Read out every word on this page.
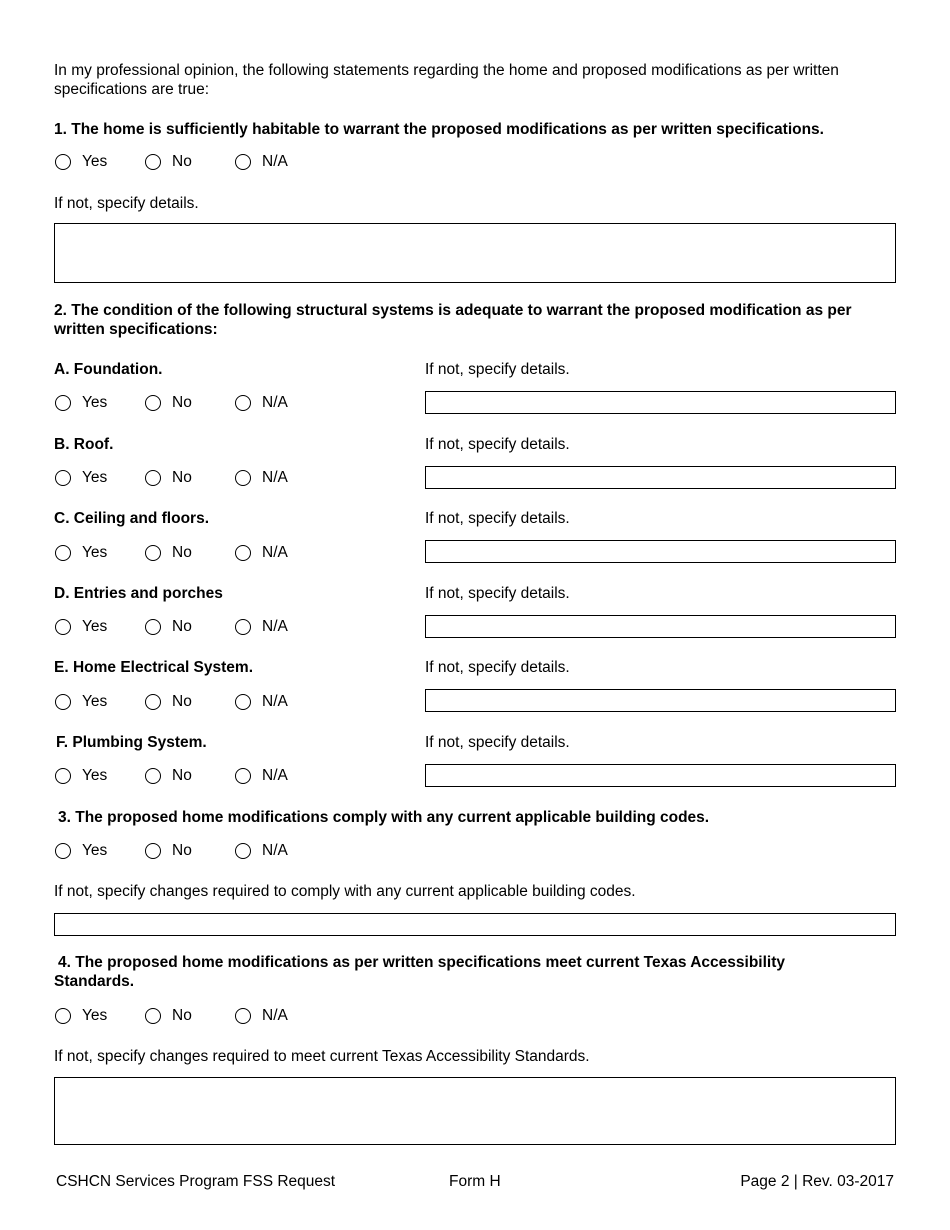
In my professional opinion, the following statements regarding the home and proposed modifications as per written specifications are true:
1. The home is sufficiently habitable to warrant the proposed modifications as per written specifications.
Yes	No	N/A
If not, specify details.
2. The condition of the following structural systems is adequate to warrant the proposed modification as per written specifications:
A. Foundation.	If not, specify details.
Yes	No	N/A
B. Roof.	If not, specify details.
Yes	No	N/A
C. Ceiling and floors.	If not, specify details.
Yes	No	N/A
D. Entries and porches	If not, specify details.
Yes	No	N/A
E. Home Electrical System.	If not, specify details.
Yes	No	N/A
F. Plumbing System.	If not, specify details.
Yes	No	N/A
3. The proposed home modifications comply with any current applicable building codes.
Yes	No	N/A
If not, specify changes required to comply with any current applicable building codes.
4. The proposed home modifications as per written specifications meet current Texas Accessibility Standards.
Yes	No	N/A
If not, specify changes required to meet current Texas Accessibility Standards.
CSHCN Services Program FSS Request	Form H	Page 2 | Rev. 03-2017
